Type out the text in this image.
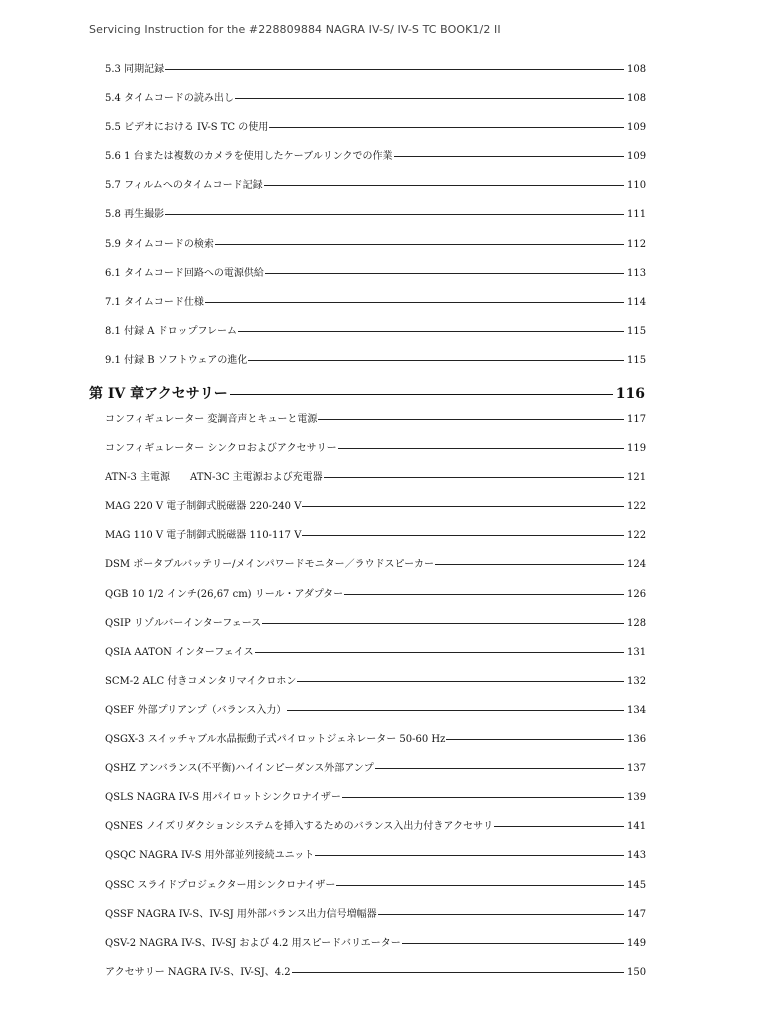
Servicing Instruction for the #228809884 NAGRA IV-S/ IV-S TC BOOK1/2 II
5.3 同期記録	108
5.4 タイムコードの読み出し	108
5.5 ビデオにおける IV-S TC の使用	109
5.6 1 台または複数のカメラを使用したケーブルリンクでの作業	109
5.7 フィルムへのタイムコード記録	110
5.8 再生撮影	111
5.9 タイムコードの検索	112
6.1 タイムコード回路への電源供給	113
7.1 タイムコード仕様	114
8.1 付録 A ドロップフレーム	115
9.1 付録 B ソフトウェアの進化	115
第 IV 章アクセサリー	116
コンフィギュレーター 変調音声とキューと電源	117
コンフィギュレーター シンクロおよびアクセサリー	119
ATN-3 主電源　　ATN-3C 主電源および充電器	121
MAG 220 V 電子制御式脱磁器 220-240 V	122
MAG 110 V 電子制御式脱磁器 110-117 V	122
DSM ポータブルバッテリー/メインパワードモニター／ラウドスピーカー	124
QGB 10 1/2 インチ(26,67 cm) リール・アダプター	126
QSIP リゾルバーインターフェース	128
QSIA AATON インターフェイス	131
SCM-2 ALC 付きコメンタリマイクロホン	132
QSEF 外部プリアンプ（バランス入力）	134
QSGX-3 スイッチャブル水晶振動子式パイロットジェネレーター 50-60 Hz	136
QSHZ アンバランス(不平衡)ハイインピーダンス外部アンプ	137
QSLS NAGRA IV-S 用パイロットシンクロナイザー	139
QSNES ノイズリダクションシステムを挿入するためのバランス入出力付きアクセサリ	141
QSQC NAGRA IV-S 用外部並列接続ユニット	143
QSSC スライドプロジェクター用シンクロナイザー	145
QSSF NAGRA IV-S、IV-SJ 用外部バランス出力信号増幅器	147
QSV-2 NAGRA IV-S、IV-SJ および 4.2 用スピードバリエーター	149
アクセサリー NAGRA IV-S、IV-SJ、4.2	150
